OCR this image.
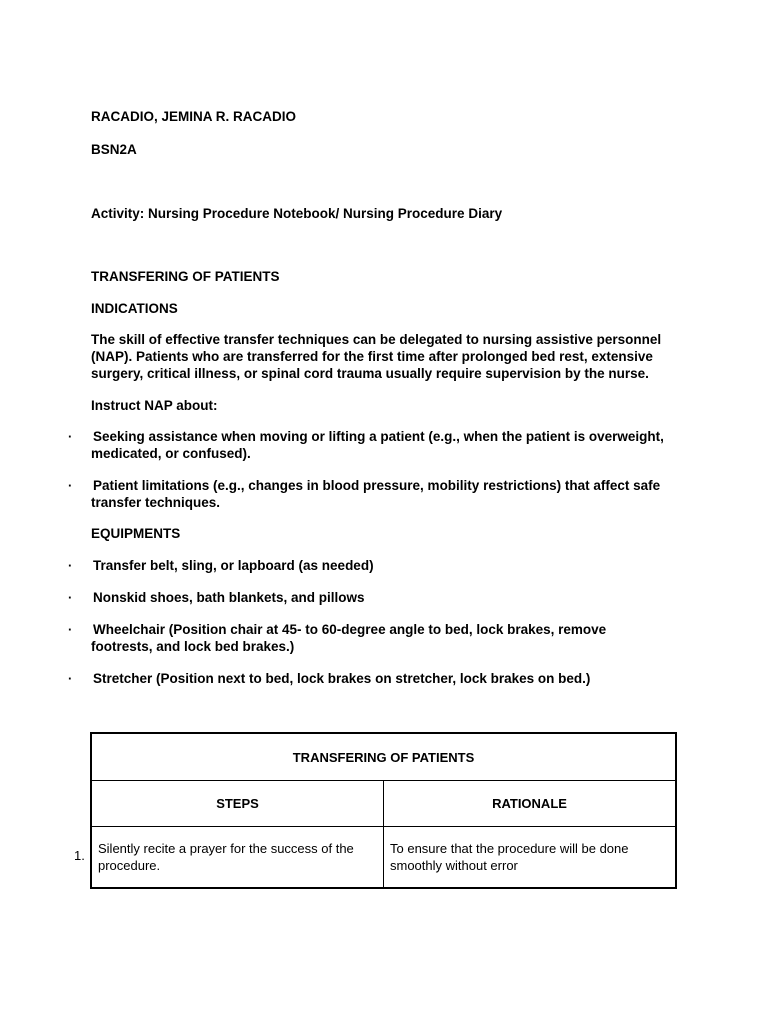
RACADIO, JEMINA R. RACADIO

BSN2A

Activity: Nursing Procedure Notebook/ Nursing Procedure Diary

TRANSFERING OF PATIENTS

INDICATIONS

The skill of effective transfer techniques can be delegated to nursing assistive personnel (NAP). Patients who are transferred for the first time after prolonged bed rest, extensive surgery, critical illness, or spinal cord trauma usually require supervision by the nurse.

Instruct NAP about:

· Seeking assistance when moving or lifting a patient (e.g., when the patient is overweight,
medicated, or confused).

· Patient limitations (e.g., changes in blood pressure, mobility restrictions) that affect safe
transfer techniques.

EQUIPMENTS

· Transfer belt, sling, or lapboard (as needed)

· Nonskid shoes, bath blankets, and pillows

· Wheelchair (Position chair at 45- to 60-degree angle to bed, lock brakes, remove
footrests, and lock bed brakes.)

· Stretcher (Position next to bed, lock brakes on stretcher, lock brakes on bed.)

TRANSFERING OF PATIENTS	
STEPS	RATIONALE
Silently recite a prayer for the success of the procedure.	To ensure that the procedure will be done smoothly without error
1.
